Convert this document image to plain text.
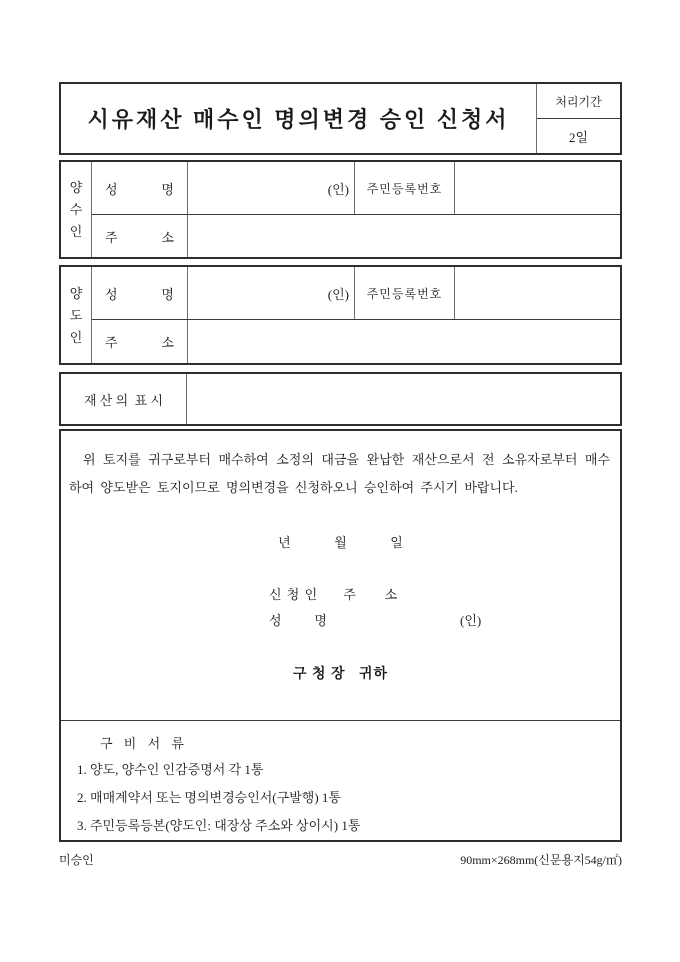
시유재산 매수인 명의변경 승인 신청서
처리기간
2일
양
수
인
성 명	(인)	주민등록번호
주 소
양
도
인
성 명	(인)	주민등록번호
주 소
재 산 의  표 시

위 토지를 귀구로부터 매수하여 소정의 대금을 완납한 재산으로서 전 소유자로부터 매수하여 양도받은 토지이므로 명의변경을 신청하오니 승인하여 주시기 바랍니다.

년      월      일
신 청 인 주 소
성 명	(인)
구 청 장   귀하
구 비 서 류
1. 양도, 양수인 인감증명서 각 1통
2. 매매계약서 또는 명의변경승인서(구발행) 1통
3. 주민등록등본(양도인: 대장상 주소와 상이시) 1통
미승인	90mm×268mm(신문용지54g/㎡)
